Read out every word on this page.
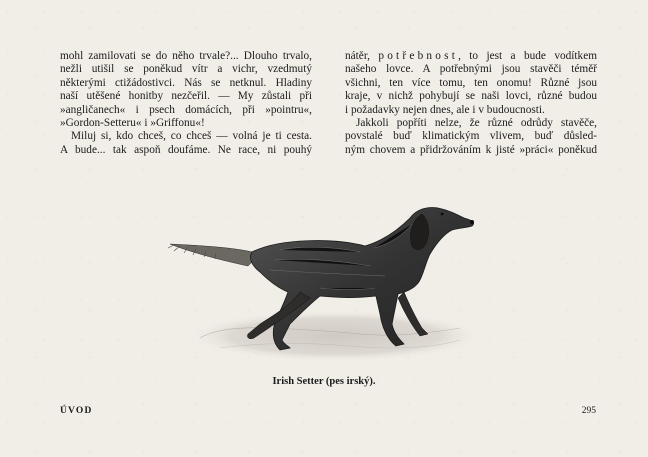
mohl zamilovati se do něho trvale?... Dlouho trvalo,
nežli utišil se poněkud vítr a vichr, vzedmutý
některými ctižádostivci. Nás se netknul. Hladiny
naší utěšené honitby nezčeřil. — My zůstali při
»angličanech« i psech domácích, při »pointru«,
»Gordon-Setteru« i »Griffonu«!
Miluj si, kdo chceš, co chceš — volná je ti cesta.
A bude... tak aspoň doufáme. Ne race, ni pouhý
nátěr, potřebnost, to jest a bude vodítkem
našeho lovce. A potřebnými jsou stavěči téměř
všichni, ten více tomu, ten onomu! Různé jsou
kraje, v nichž pohybují se naši lovci, různé budou
i požadavky nejen dnes, ale i v budoucnosti.
Jakkoli popříti nelze, že různé odrůdy stavěče,
povstalé buď klimatickým vlivem, buď důsled-
ným chovem a přidržováním k jisté »práci« poněkud
Irish Setter (pes irský).
ÚVOD	295
